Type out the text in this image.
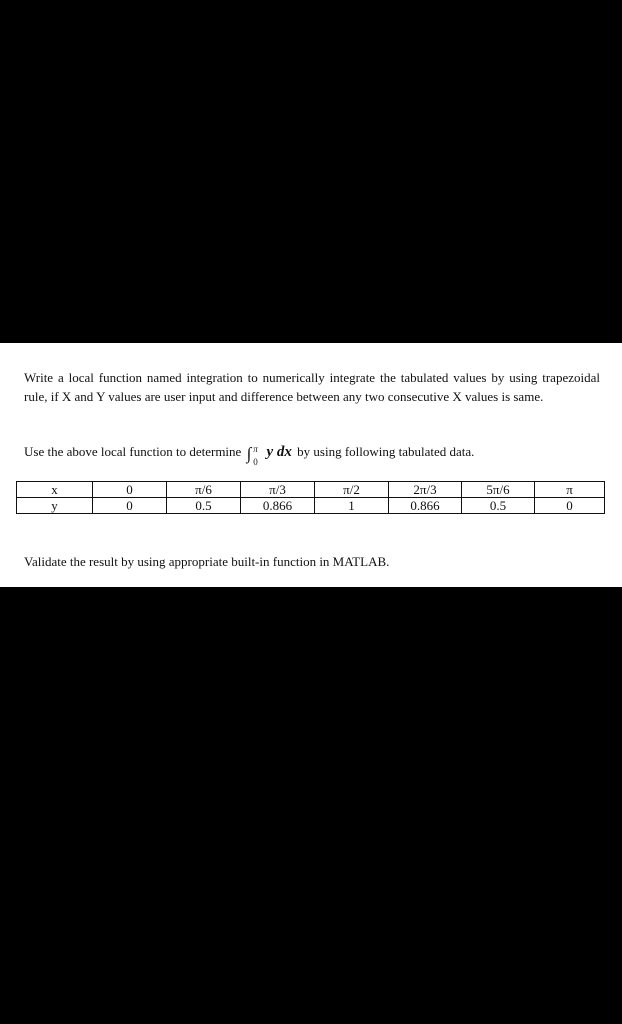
Write a local function named integration to numerically integrate the tabulated values by using trapezoidal rule, if X and Y values are user input and difference between any two consecutive X values is same.
Use the above local function to determine ∫ π
0
y dx by using following tabulated data.
x	0	π/6	π/3	π/2	2π/3	5π/6	π
y	0	0.5	0.866	1	0.866	0.5	0
Validate the result by using appropriate built-in function in MATLAB.
